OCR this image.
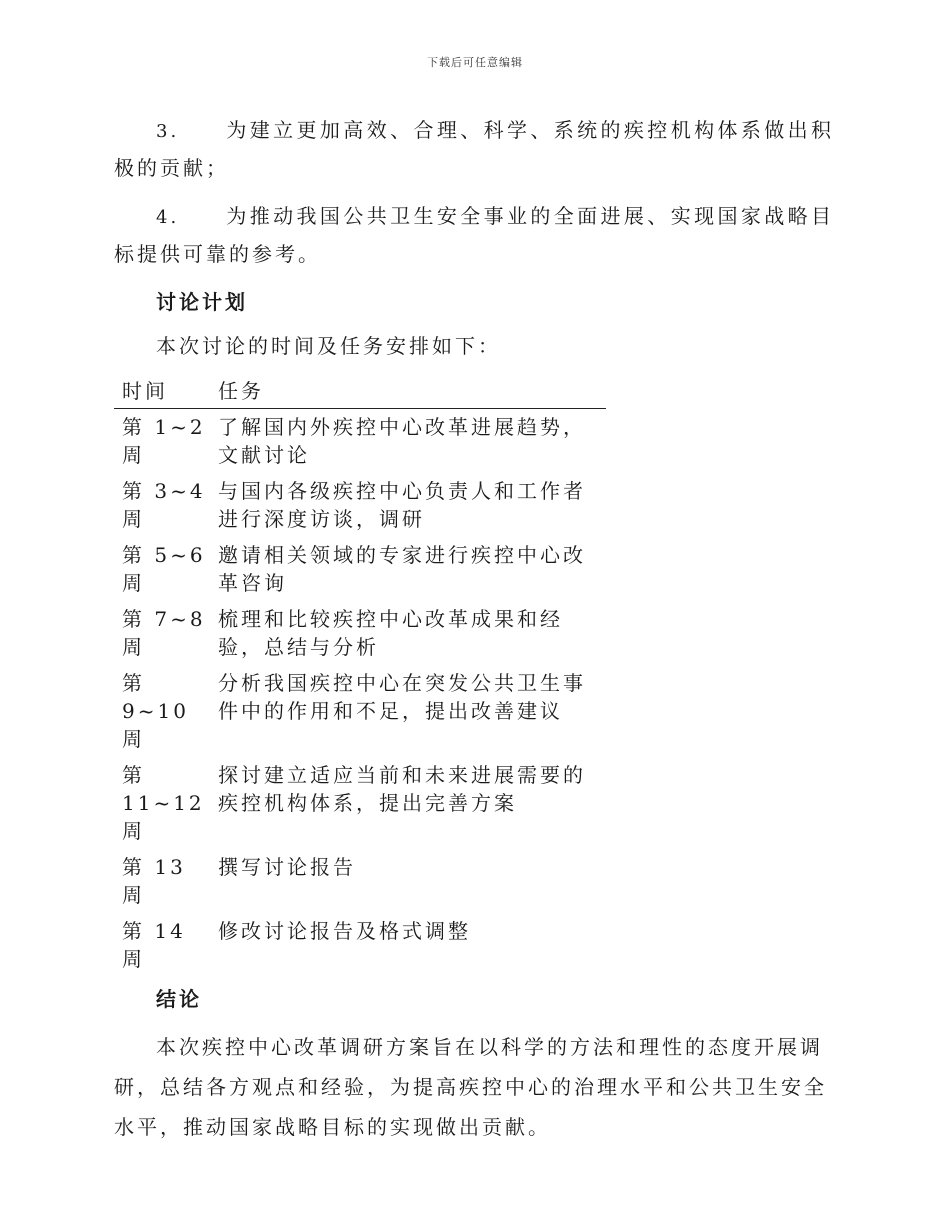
下载后可任意编辑

3. 为建立更加高效、合理、科学、系统的疾控机构体系做出积极的贡献；

4. 为推动我国公共卫生安全事业的全面进展、实现国家战略目标提供可靠的参考。

讨论计划

本次讨论的时间及任务安排如下：

时间	任务
第 1~2 周	了解国内外疾控中心改革进展趋势，文献讨论
第 3~4 周	与国内各级疾控中心负责人和工作者进行深度访谈，调研
第 5~6 周	邀请相关领域的专家进行疾控中心改革咨询
第 7~8 周	梳理和比较疾控中心改革成果和经验，总结与分析
第 9~10 周	分析我国疾控中心在突发公共卫生事件中的作用和不足，提出改善建议
第 11~12 周	探讨建立适应当前和未来进展需要的疾控机构体系，提出完善方案
第 13 周	撰写讨论报告
第 14 周	修改讨论报告及格式调整
结论

本次疾控中心改革调研方案旨在以科学的方法和理性的态度开展调研，总结各方观点和经验，为提高疾控中心的治理水平和公共卫生安全水平，推动国家战略目标的实现做出贡献。
